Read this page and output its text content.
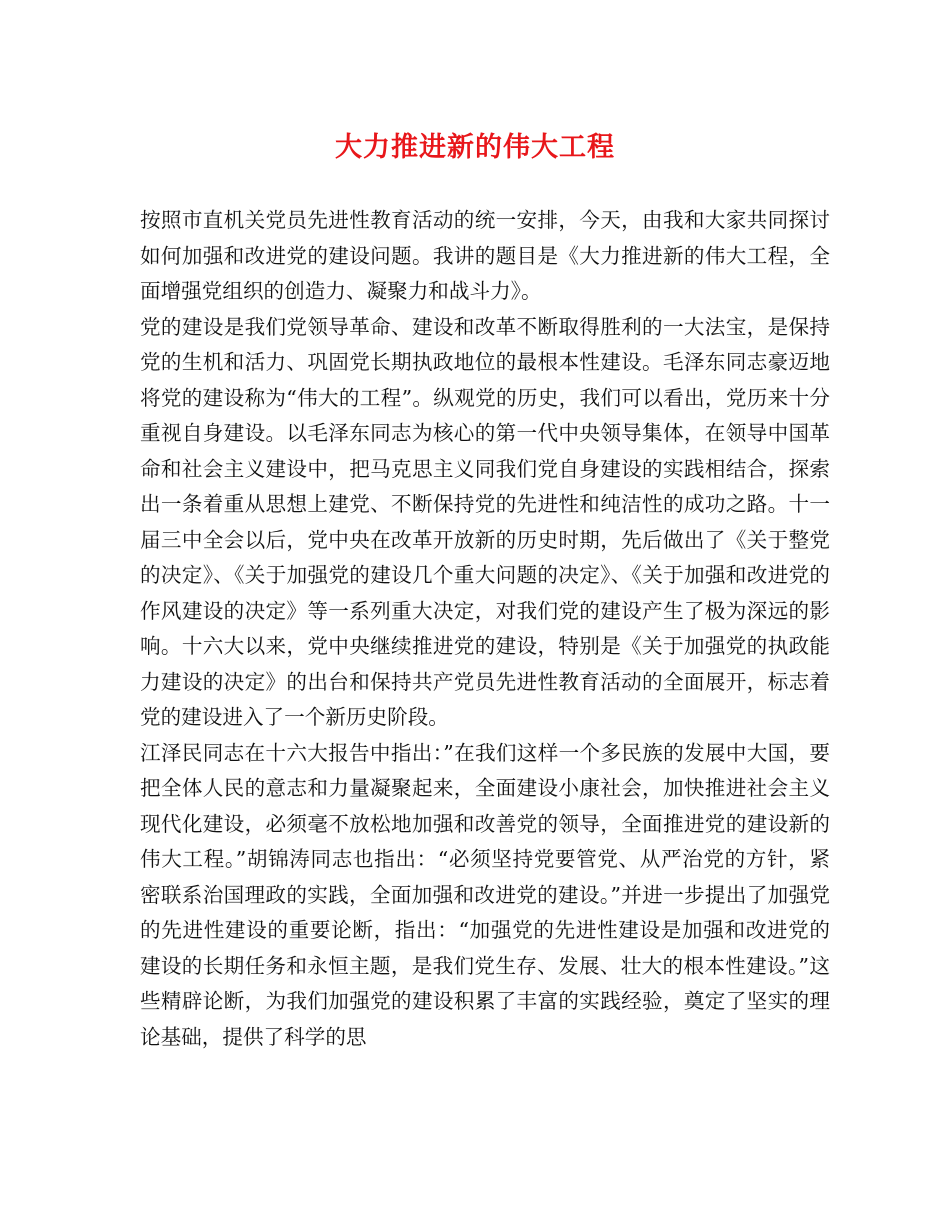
大力推进新的伟大工程

按照市直机关党员先进性教育活动的统一安排，今天，由我和大家共同探讨如何加强和改进党的建设问题。我讲的题目是《大力推进新的伟大工程，全面增强党组织的创造力、凝聚力和战斗力》。

党的建设是我们党领导革命、建设和改革不断取得胜利的一大法宝，是保持党的生机和活力、巩固党长期执政地位的最根本性建设。毛泽东同志豪迈地将党的建设称为“伟大的工程”。纵观党的历史，我们可以看出，党历来十分重视自身建设。以毛泽东同志为核心的第一代中央领导集体，在领导中国革命和社会主义建设中，把马克思主义同我们党自身建设的实践相结合，探索出一条着重从思想上建党、不断保持党的先进性和纯洁性的成功之路。十一届三中全会以后，党中央在改革开放新的历史时期，先后做出了《关于整党的决定》、《关于加强党的建设几个重大问题的决定》、《关于加强和改进党的作风建设的决定》等一系列重大决定，对我们党的建设产生了极为深远的影响。十六大以来，党中央继续推进党的建设，特别是《关于加强党的执政能力建设的决定》的出台和保持共产党员先进性教育活动的全面展开，标志着党的建设进入了一个新历史阶段。

江泽民同志在十六大报告中指出：”在我们这样一个多民族的发展中大国，要把全体人民的意志和力量凝聚起来，全面建设小康社会，加快推进社会主义现代化建设，必须毫不放松地加强和改善党的领导，全面推进党的建设新的伟大工程。”胡锦涛同志也指出：“必须坚持党要管党、从严治党的方针，紧密联系治国理政的实践，全面加强和改进党的建设。”并进一步提出了加强党的先进性建设的重要论断，指出：“加强党的先进性建设是加强和改进党的建设的长期任务和永恒主题，是我们党生存、发展、壮大的根本性建设。”这些精辟论断，为我们加强党的建设积累了丰富的实践经验，奠定了坚实的理论基础，提供了科学的思
